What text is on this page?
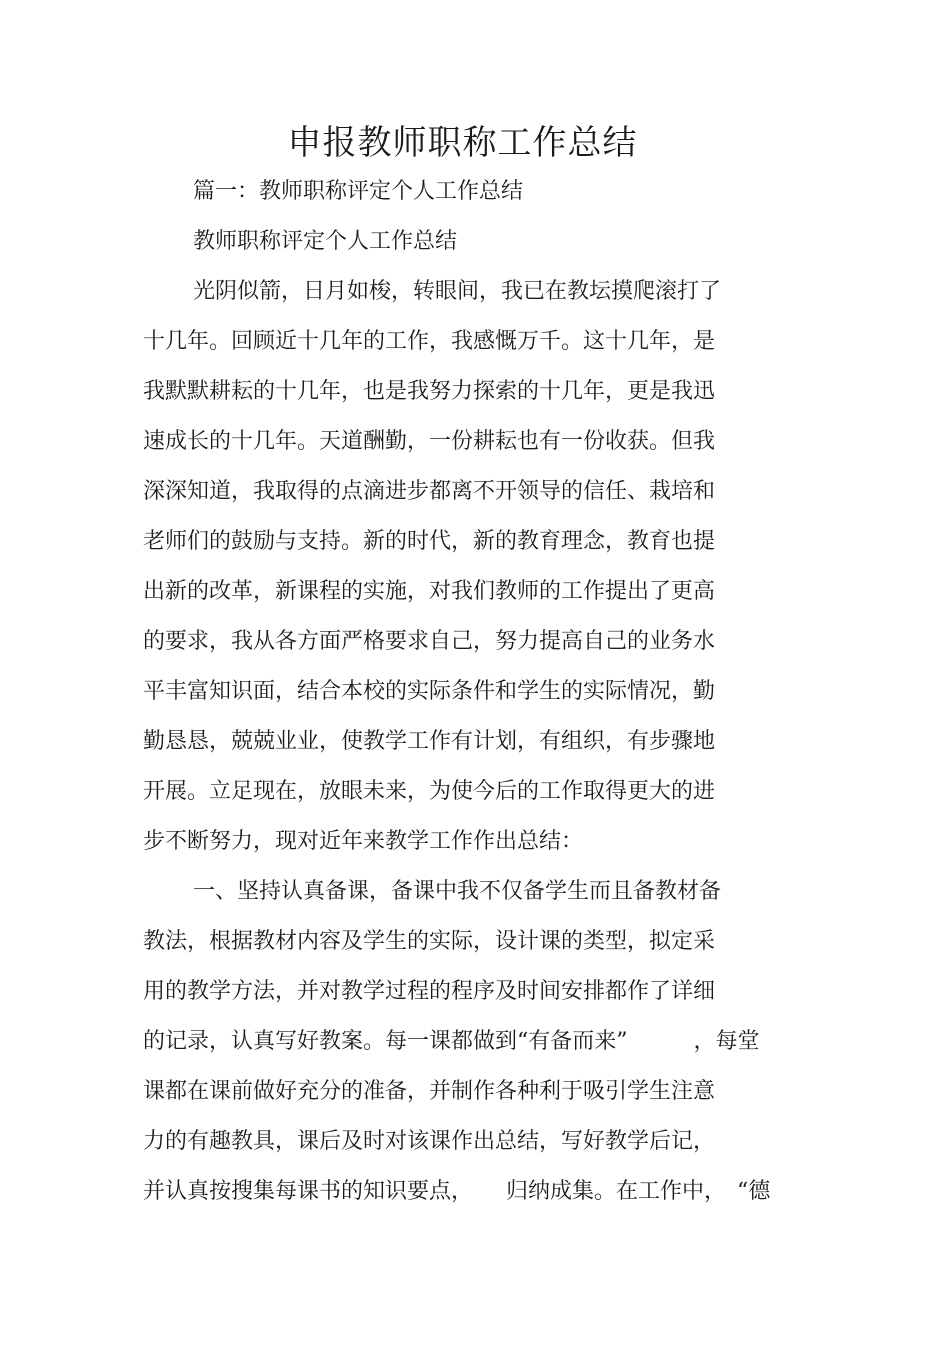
申报教师职称工作总结

篇一：教师职称评定个人工作总结

教师职称评定个人工作总结

光阴似箭，日月如梭，转眼间，我已在教坛摸爬滚打了

十几年。回顾近十几年的工作，我感慨万千。这十几年，是

我默默耕耘的十几年，也是我努力探索的十几年，更是我迅

速成长的十几年。天道酬勤，一份耕耘也有一份收获。但我

深深知道，我取得的点滴进步都离不开领导的信任、栽培和

老师们的鼓励与支持。新的时代，新的教育理念，教育也提

出新的改革，新课程的实施，对我们教师的工作提出了更高

的要求，我从各方面严格要求自己，努力提高自己的业务水

平丰富知识面，结合本校的实际条件和学生的实际情况，勤

勤恳恳，兢兢业业，使教学工作有计划，有组织，有步骤地

开展。立足现在，放眼未来，为使今后的工作取得更大的进

步不断努力，现对近年来教学工作作出总结：

一、坚持认真备课，备课中我不仅备学生而且备教材备

教法，根据教材内容及学生的实际，设计课的类型，拟定采

用的教学方法，并对教学过程的程序及时间安排都作了详细

的记录，认真写好教案。每一课都做到“有备而来”　　　，每堂

课都在课前做好充分的准备，并制作各种利于吸引学生注意

力的有趣教具，课后及时对该课作出总结，写好教学后记，

并认真按搜集每课书的知识要点，　　归纳成集。在工作中，　“德
